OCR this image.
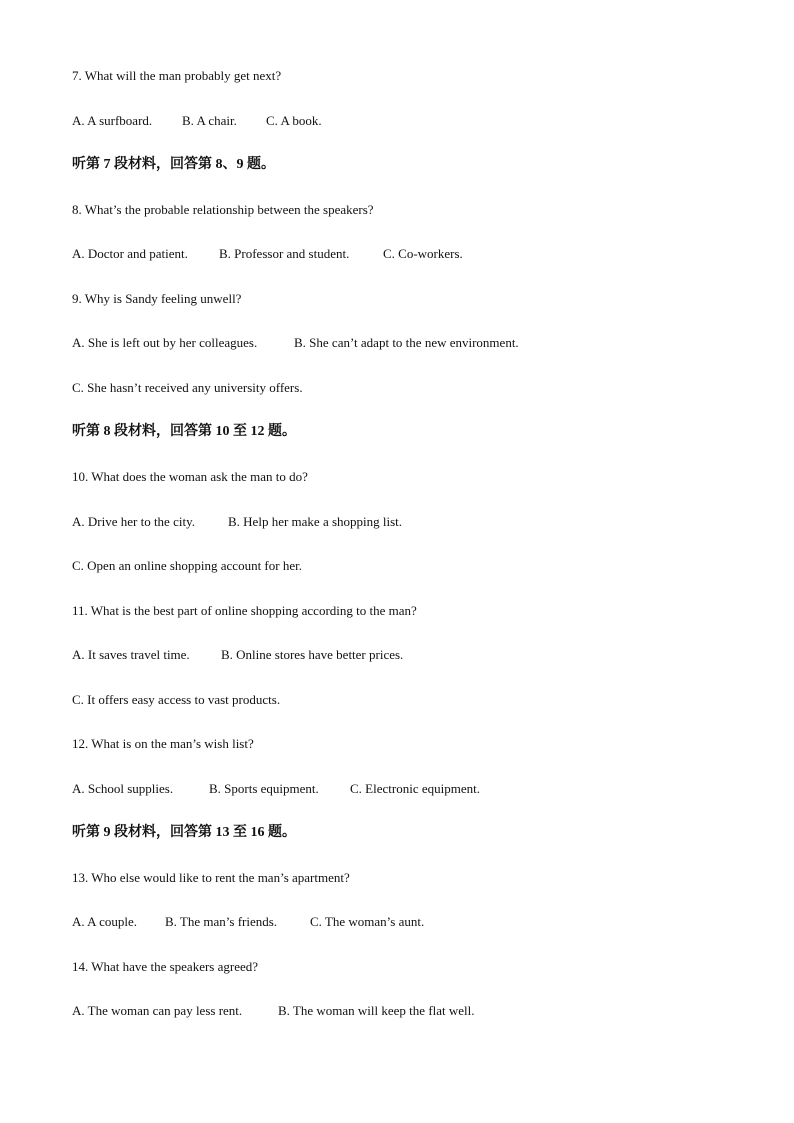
7. What will the man probably get next?
A. A surfboard. B. A chair. C. A book.
听第 7 段材料，回答第 8、9 题。
8. What’s the probable relationship between the speakers?
A. Doctor and patient. B. Professor and student.	C. Co-workers.
9. Why is Sandy feeling unwell?
A. She is left out by her colleagues.	B. She can’t adapt to the new environment.
C. She hasn’t received any university offers.
听第 8 段材料，回答第 10 至 12 题。
10. What does the woman ask the man to do?
A. Drive her to the city.	B. Help her make a shopping list.
C. Open an online shopping account for her.
11. What is the best part of online shopping according to the man?
A. It saves travel time. B. Online stores have better prices.
C. It offers easy access to vast products.
12. What is on the man’s wish list?
A. School supplies.	B. Sports equipment. C. Electronic equipment.
听第 9 段材料，回答第 13 至 16 题。
13. Who else would like to rent the man’s apartment?
A. A couple. B. The man’s friends.	C. The woman’s aunt.
14. What have the speakers agreed?
A. The woman can pay less rent.	B. The woman will keep the flat well.
